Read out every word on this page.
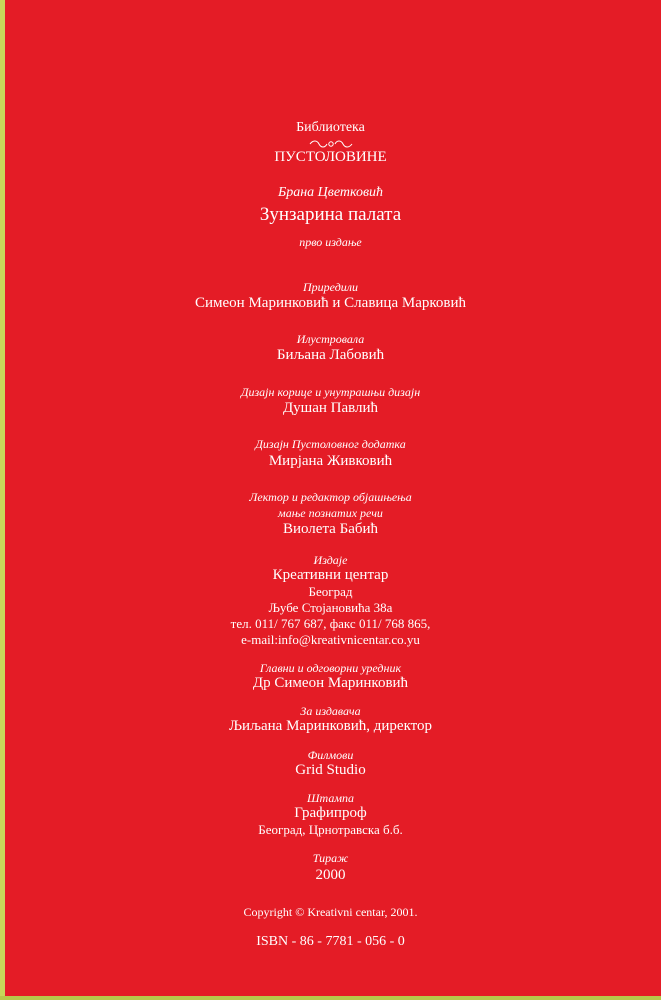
Библиотека
ПУСТОЛОВИНЕ
Брана Цветковић
Зунзарина палата
прво издање
Приредили
Симеон Маринковић и Славица Марковић
Илустровала
Биљана Лабовић
Дизајн корице и унутрашњи дизајн
Душан Павлић
Дизајн Пустоловног додатка
Мирјана Живковић
Лектор и редактор објашњења
мање познатих речи
Виолета Бабић
Издаје
Креативни центар
Београд
Љубе Стојановића 38а
тел. 011/ 767 687, факс 011/ 768 865,
e-mail:info@kreativnicentar.co.yu
Главни и одговорни уредник
Др Симеон Маринковић
За издавача
Љиљана Маринковић, директор
Филмови
Grid Studio
Штампа
Графипроф
Београд, Црнотравска б.б.
Тираж
2000
Copyright © Kreativni centar, 2001.
ISBN - 86 - 7781 - 056 - 0
